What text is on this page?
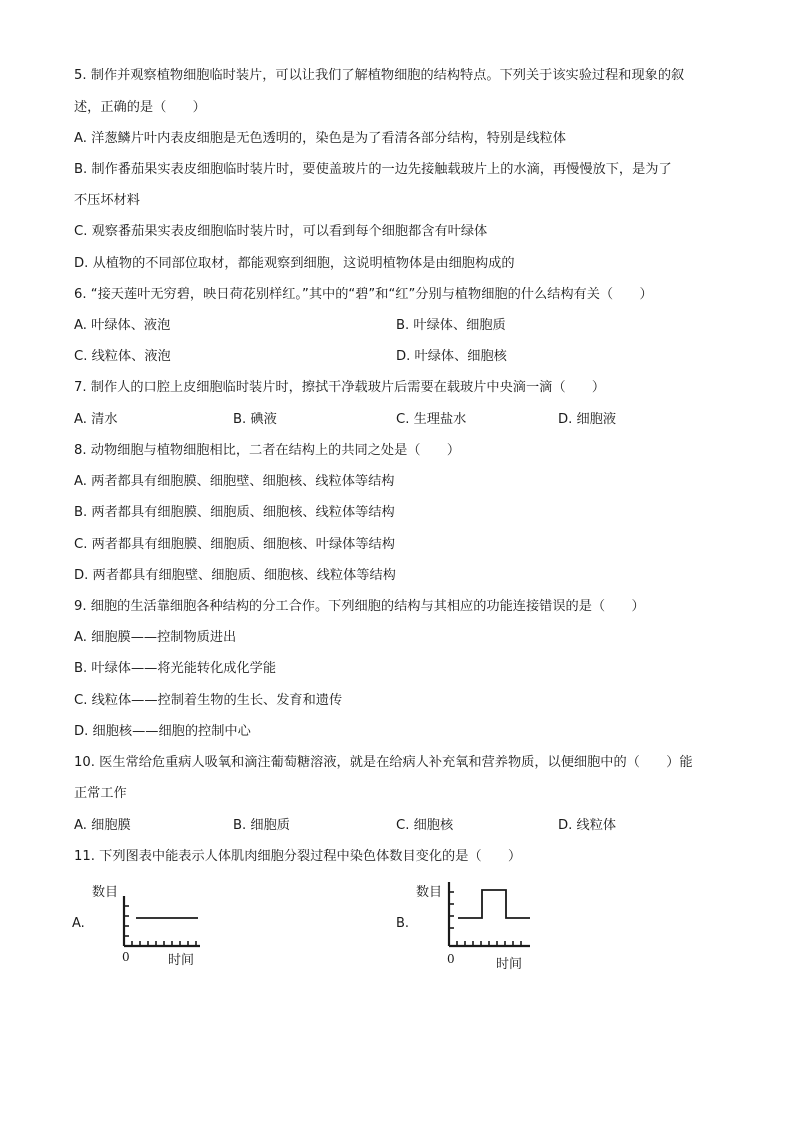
5. 制作并观察植物细胞临时装片，可以让我们了解植物细胞的结构特点。下列关于该实验过程和现象的叙
述，正确的是（　　）
A. 洋葱鳞片叶内表皮细胞是无色透明的，染色是为了看清各部分结构，特别是线粒体
B. 制作番茄果实表皮细胞临时装片时，要使盖玻片的一边先接触载玻片上的水滴，再慢慢放下，是为了
不压坏材料
C. 观察番茄果实表皮细胞临时装片时，可以看到每个细胞都含有叶绿体
D. 从植物的不同部位取材，都能观察到细胞，这说明植物体是由细胞构成的
6. “接天莲叶无穷碧，映日荷花别样红。”其中的“碧”和“红”分别与植物细胞的什么结构有关（　　）
A. 叶绿体、液泡	B. 叶绿体、细胞质
C. 线粒体、液泡	D. 叶绿体、细胞核
7. 制作人的口腔上皮细胞临时装片时，擦拭干净载玻片后需要在载玻片中央滴一滴（　　）
A. 清水	B. 碘液	C. 生理盐水	D. 细胞液
8. 动物细胞与植物细胞相比，二者在结构上的共同之处是（　　）
A. 两者都具有细胞膜、细胞壁、细胞核、线粒体等结构
B. 两者都具有细胞膜、细胞质、细胞核、线粒体等结构
C. 两者都具有细胞膜、细胞质、细胞核、叶绿体等结构
D. 两者都具有细胞壁、细胞质、细胞核、线粒体等结构
9. 细胞的生活靠细胞各种结构的分工合作。下列细胞的结构与其相应的功能连接错误的是（　　）
A. 细胞膜——控制物质进出
B. 叶绿体——将光能转化成化学能
C. 线粒体——控制着生物的生长、发育和遗传
D. 细胞核——细胞的控制中心
10. 医生常给危重病人吸氧和滴注葡萄糖溶液，就是在给病人补充氧和营养物质，以便细胞中的（　　）能
正常工作
A. 细胞膜	B. 细胞质	C. 细胞核	D. 线粒体
11. 下列图表中能表示人体肌肉细胞分裂过程中染色体数目变化的是（　　）
A.
数目
0	时间
B.
数目
0	时间
